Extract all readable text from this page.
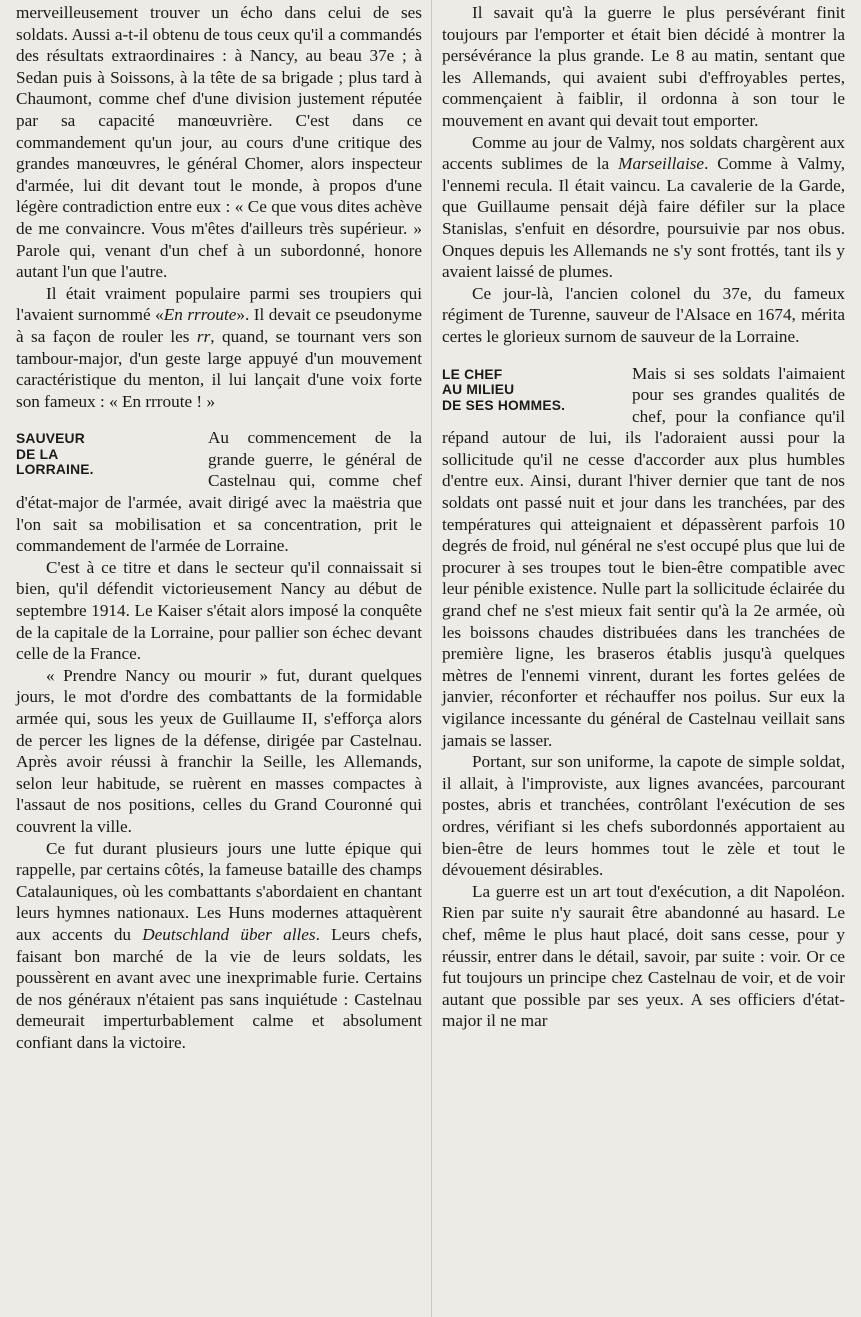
merveilleusement trouver un écho dans celui de ses soldats. Aussi a-t-il obtenu de tous ceux qu'il a commandés des résultats extraordinaires : à Nancy, au beau 37e ; à Sedan puis à Soissons, à la tête de sa brigade ; plus tard à Chaumont, comme chef d'une division justement réputée par sa capacité manœuvrière. C'est dans ce commandement qu'un jour, au cours d'une critique des grandes manœuvres, le général Chomer, alors inspecteur d'armée, lui dit devant tout le monde, à propos d'une légère contradiction entre eux : « Ce que vous dites achève de me convaincre. Vous m'êtes d'ailleurs très supérieur. » Parole qui, venant d'un chef à un subordonné, honore autant l'un que l'autre.

Il était vraiment populaire parmi ses troupiers qui l'avaient surnommé «En rrroute». Il devait ce pseudonyme à sa façon de rouler les rr, quand, se tournant vers son tambour-major, d'un geste large appuyé d'un mouvement caractéristique du menton, il lui lançait d'une voix forte son fameux : « En rrroute ! »

SAUVEUR
DE LA
LORRAINE.

Au commencement de la grande guerre, le général de Castelnau qui, comme chef d'état-major de l'armée, avait dirigé avec la maëstria que l'on sait sa mobilisation et sa concentration, prit le commandement de l'armée de Lorraine.

C'est à ce titre et dans le secteur qu'il connaissait si bien, qu'il défendit victorieusement Nancy au début de septembre 1914. Le Kaiser s'était alors imposé la conquête de la capitale de la Lorraine, pour pallier son échec devant celle de la France.

« Prendre Nancy ou mourir » fut, durant quelques jours, le mot d'ordre des combattants de la formidable armée qui, sous les yeux de Guillaume II, s'efforça alors de percer les lignes de la défense, dirigée par Castelnau. Après avoir réussi à franchir la Seille, les Allemands, selon leur habitude, se ruèrent en masses compactes à l'assaut de nos positions, celles du Grand Couronné qui couvrent la ville.

Ce fut durant plusieurs jours une lutte épique qui rappelle, par certains côtés, la fameuse bataille des champs Catalauniques, où les combattants s'abordaient en chantant leurs hymnes nationaux. Les Huns modernes attaquèrent aux accents du Deutschland über alles. Leurs chefs, faisant bon marché de la vie de leurs soldats, les poussèrent en avant avec une inexprimable furie. Certains de nos généraux n'étaient pas sans inquiétude : Castelnau demeurait imperturbablement calme et absolument confiant dans la victoire.

Il savait qu'à la guerre le plus persévérant finit toujours par l'emporter et était bien décidé à montrer la persévérance la plus grande. Le 8 au matin, sentant que les Allemands, qui avaient subi d'effroyables pertes, commençaient à faiblir, il ordonna à son tour le mouvement en avant qui devait tout emporter.

Comme au jour de Valmy, nos soldats chargèrent aux accents sublimes de la Marseillaise. Comme à Valmy, l'ennemi recula. Il était vaincu. La cavalerie de la Garde, que Guillaume pensait déjà faire défiler sur la place Stanislas, s'enfuit en désordre, poursuivie par nos obus. Onques depuis les Allemands ne s'y sont frottés, tant ils y avaient laissé de plumes.

Ce jour-là, l'ancien colonel du 37e, du fameux régiment de Turenne, sauveur de l'Alsace en 1674, mérita certes le glorieux surnom de sauveur de la Lorraine.

LE CHEF
AU MILIEU
DE SES HOMMES.

Mais si ses soldats l'aimaient pour ses grandes qualités de chef, pour la confiance qu'il répand autour de lui, ils l'adoraient aussi pour la sollicitude qu'il ne cesse d'accorder aux plus humbles d'entre eux. Ainsi, durant l'hiver dernier que tant de nos soldats ont passé nuit et jour dans les tranchées, par des températures qui atteignaient et dépassèrent parfois 10 degrés de froid, nul général ne s'est occupé plus que lui de procurer à ses troupes tout le bien-être compatible avec leur pénible existence. Nulle part la sollicitude éclairée du grand chef ne s'est mieux fait sentir qu'à la 2e armée, où les boissons chaudes distribuées dans les tranchées de première ligne, les braseros établis jusqu'à quelques mètres de l'ennemi vinrent, durant les fortes gelées de janvier, réconforter et réchauffer nos poilus. Sur eux la vigilance incessante du général de Castelnau veillait sans jamais se lasser.

Portant, sur son uniforme, la capote de simple soldat, il allait, à l'improviste, aux lignes avancées, parcourant postes, abris et tranchées, contrôlant l'exécution de ses ordres, vérifiant si les chefs subordonnés apportaient au bien-être de leurs hommes tout le zèle et tout le dévouement désirables.

La guerre est un art tout d'exécution, a dit Napoléon. Rien par suite n'y saurait être abandonné au hasard. Le chef, même le plus haut placé, doit sans cesse, pour y réussir, entrer dans le détail, savoir, par suite : voir. Or ce fut toujours un principe chez Castelnau de voir, et de voir autant que possible par ses yeux. A ses officiers d'état-major il ne mar
